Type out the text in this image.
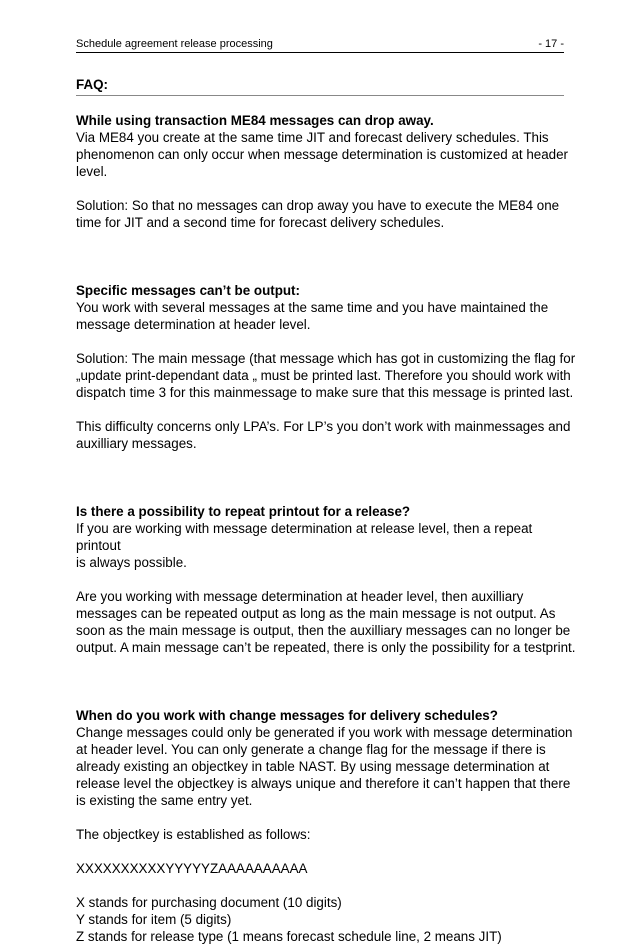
Schedule agreement release processing	- 17 -
FAQ:

While using transaction ME84 messages can drop away.

Via ME84 you create at the same time JIT and forecast delivery schedules. This

phenomenon can only occur when message determination is customized at header

level.

Solution: So that no messages can drop away you have to execute the ME84 one

time for JIT and a second time for forecast delivery schedules.

Specific messages can’t be output:

You work with several messages at the same time and you have maintained the

message determination at header level.

Solution: The main message (that message which has got in customizing the flag for

„update print-dependant data „ must be printed last. Therefore you should work with

dispatch time 3 for this mainmessage to make sure that this message is printed last.

This difficulty concerns only LPA’s. For LP’s you don’t work with mainmessages and

auxilliary messages.

Is there a possibility to repeat printout for a release?

If you are working with message determination at release level, then a repeat printout

is always possible.

Are you working with message determination at header level, then auxilliary

messages can be repeated output as long as the main message is not output. As

soon as the main message is output, then the auxilliary messages can no longer be

output. A main message can’t be repeated, there is only the possibility for a testprint.

When do you work with change messages for delivery schedules?

Change messages could only be generated if you work with message determination

at header level. You can only generate a change flag for the message if there is

already existing an objectkey in table NAST. By using message determination at

release level the objectkey is always unique and therefore it can’t happen that there

is existing the same entry yet.

The objectkey is established as follows:

XXXXXXXXXXYYYYYZAAAAAAAAAA

X stands for purchasing document (10 digits)

Y stands for item (5 digits)

Z stands for release type (1 means forecast schedule line, 2 means JIT)
